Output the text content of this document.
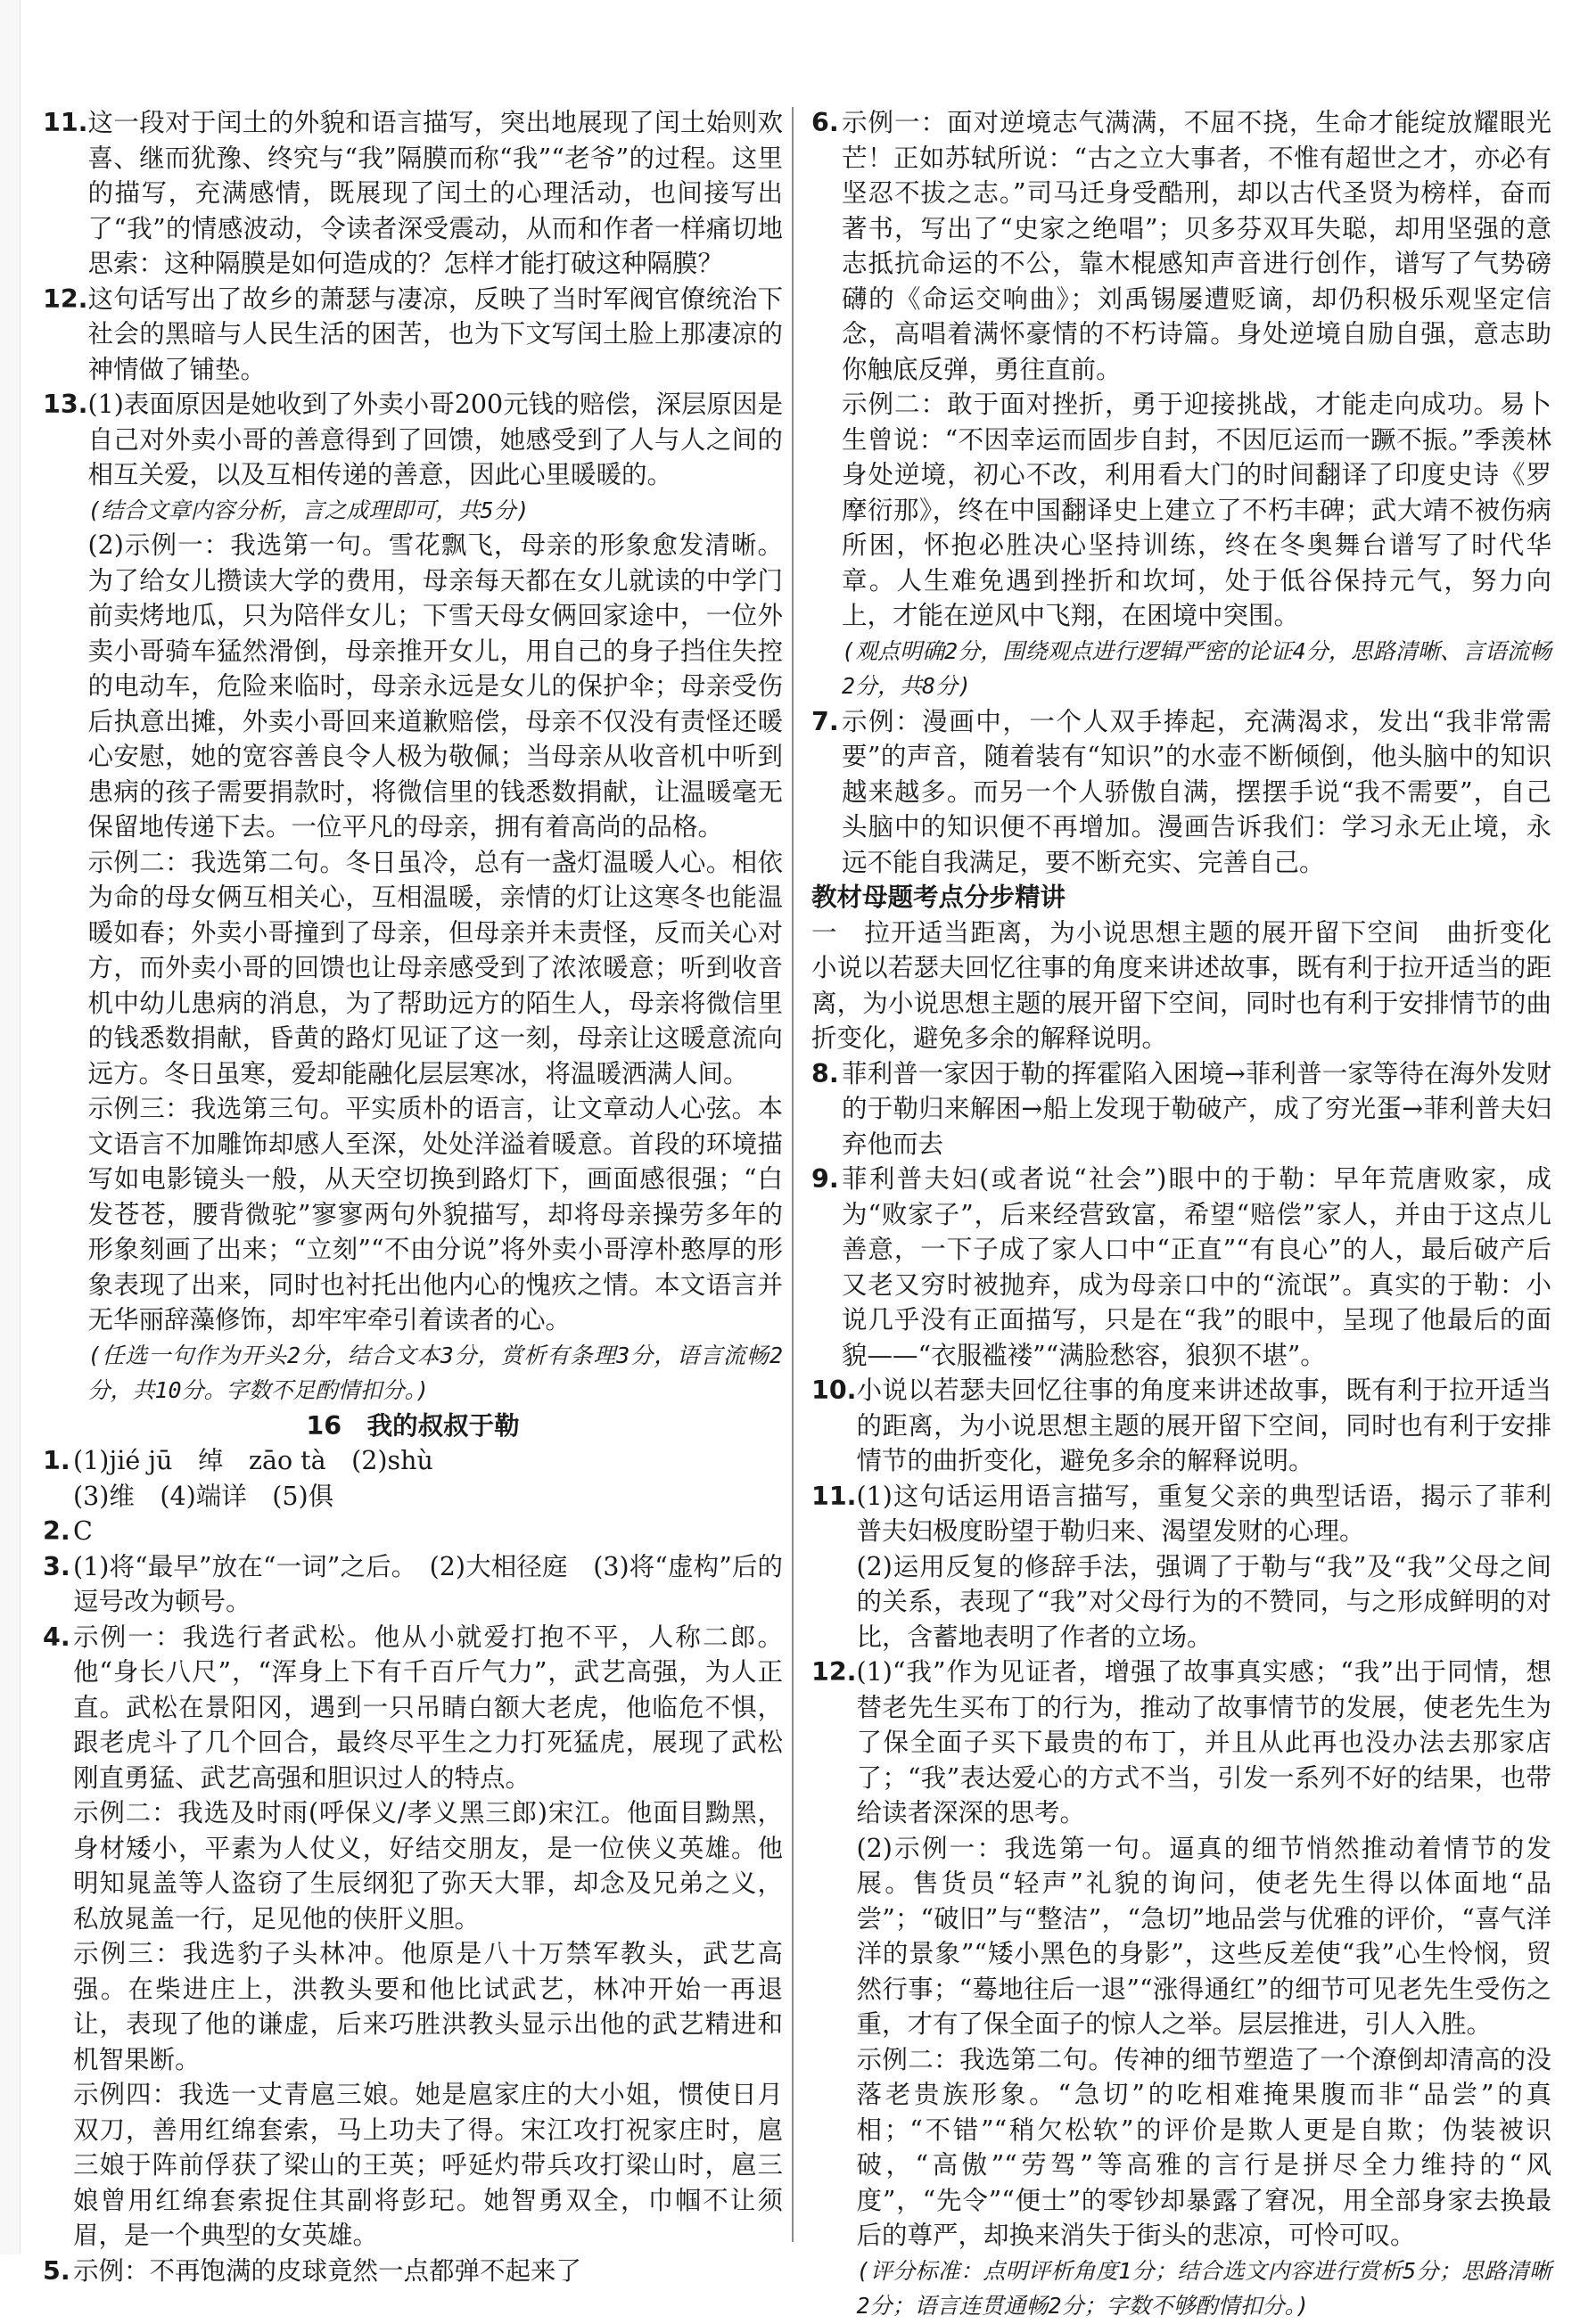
11. 这一段对于闰土的外貌和语言描写，突出地展现了闰土始则欢喜、继而犹豫、终究与“我”隔膜而称“我”“老爷”的过程。这里的描写，充满感情，既展现了闰土的心理活动，也间接写出了“我”的情感波动，令读者深受震动，从而和作者一样痛切地思索：这种隔膜是如何造成的？怎样才能打破这种隔膜？
12. 这句话写出了故乡的萧瑟与凄凉，反映了当时军阀官僚统治下社会的黑暗与人民生活的困苦，也为下文写闰土脸上那凄凉的神情做了铺垫。
13. (1)表面原因是她收到了外卖小哥200元钱的赔偿，深层原因是自己对外卖小哥的善意得到了回馈，她感受到了人与人之间的相互关爱，以及互相传递的善意，因此心里暖暖的。

(结合文章内容分析，言之成理即可，共5分)

(2)示例一：我选第一句。雪花飘飞，母亲的形象愈发清晰。为了给女儿攒读大学的费用，母亲每天都在女儿就读的中学门前卖烤地瓜，只为陪伴女儿；下雪天母女俩回家途中，一位外卖小哥骑车猛然滑倒，母亲推开女儿，用自己的身子挡住失控的电动车，危险来临时，母亲永远是女儿的保护伞；母亲受伤后执意出摊，外卖小哥回来道歉赔偿，母亲不仅没有责怪还暖心安慰，她的宽容善良令人极为敬佩；当母亲从收音机中听到患病的孩子需要捐款时，将微信里的钱悉数捐献，让温暖毫无保留地传递下去。一位平凡的母亲，拥有着高尚的品格。

示例二：我选第二句。冬日虽冷，总有一盏灯温暖人心。相依为命的母女俩互相关心，互相温暖，亲情的灯让这寒冬也能温暖如春；外卖小哥撞到了母亲，但母亲并未责怪，反而关心对方，而外卖小哥的回馈也让母亲感受到了浓浓暖意；听到收音机中幼儿患病的消息，为了帮助远方的陌生人，母亲将微信里的钱悉数捐献，昏黄的路灯见证了这一刻，母亲让这暖意流向远方。冬日虽寒，爱却能融化层层寒冰，将温暖洒满人间。

示例三：我选第三句。平实质朴的语言，让文章动人心弦。本文语言不加雕饰却感人至深，处处洋溢着暖意。首段的环境描写如电影镜头一般，从天空切换到路灯下，画面感很强；“白发苍苍，腰背微驼”寥寥两句外貌描写，却将母亲操劳多年的形象刻画了出来；“立刻”“不由分说”将外卖小哥淳朴憨厚的形象表现了出来，同时也衬托出他内心的愧疚之情。本文语言并无华丽辞藻修饰，却牢牢牵引着读者的心。

(任选一句作为开头2分，结合文本3分，赏析有条理3分，语言流畅2分，共10分。字数不足酌情扣分。)

16　我的叔叔于勒
1. (1)jié jū　绰　zāo tà　(2)shù

(3)维　(4)端详　(5)俱

2. C
3. (1)将“最早”放在“一词”之后。　(2)大相径庭　(3)将“虚构”后的逗号改为顿号。
4. 示例一：我选行者武松。他从小就爱打抱不平，人称二郎。他“身长八尺”，“浑身上下有千百斤气力”，武艺高强，为人正直。武松在景阳冈，遇到一只吊睛白额大老虎，他临危不惧，跟老虎斗了几个回合，最终尽平生之力打死猛虎，展现了武松刚直勇猛、武艺高强和胆识过人的特点。

示例二：我选及时雨(呼保义/孝义黑三郎)宋江。他面目黝黑，身材矮小，平素为人仗义，好结交朋友，是一位侠义英雄。他明知晁盖等人盗窃了生辰纲犯了弥天大罪，却念及兄弟之义，私放晁盖一行，足见他的侠肝义胆。

示例三：我选豹子头林冲。他原是八十万禁军教头，武艺高强。在柴进庄上，洪教头要和他比试武艺，林冲开始一再退让，表现了他的谦虚，后来巧胜洪教头显示出他的武艺精进和机智果断。

示例四：我选一丈青扈三娘。她是扈家庄的大小姐，惯使日月双刀，善用红绵套索，马上功夫了得。宋江攻打祝家庄时，扈三娘于阵前俘获了梁山的王英；呼延灼带兵攻打梁山时，扈三娘曾用红绵套索捉住其副将彭玘。她智勇双全，巾帼不让须眉，是一个典型的女英雄。

5. 示例：不再饱满的皮球竟然一点都弹不起来了
6. 示例一：面对逆境志气满满，不屈不挠，生命才能绽放耀眼光芒！正如苏轼所说：“古之立大事者，不惟有超世之才，亦必有坚忍不拔之志。”司马迁身受酷刑，却以古代圣贤为榜样，奋而著书，写出了“史家之绝唱”；贝多芬双耳失聪，却用坚强的意志抵抗命运的不公，靠木棍感知声音进行创作，谱写了气势磅礴的《命运交响曲》；刘禹锡屡遭贬谪，却仍积极乐观坚定信念，高唱着满怀豪情的不朽诗篇。身处逆境自励自强，意志助你触底反弹，勇往直前。

示例二：敢于面对挫折，勇于迎接挑战，才能走向成功。易卜生曾说：“不因幸运而固步自封，不因厄运而一蹶不振。”季羡林身处逆境，初心不改，利用看大门的时间翻译了印度史诗《罗摩衍那》，终在中国翻译史上建立了不朽丰碑；武大靖不被伤病所困，怀抱必胜决心坚持训练，终在冬奥舞台谱写了时代华章。人生难免遇到挫折和坎坷，处于低谷保持元气，努力向上，才能在逆风中飞翔，在困境中突围。

(观点明确2分，围绕观点进行逻辑严密的论证4分，思路清晰、言语流畅2分，共8分)

7. 示例：漫画中，一个人双手捧起，充满渴求，发出“我非常需要”的声音，随着装有“知识”的水壶不断倾倒，他头脑中的知识越来越多。而另一个人骄傲自满，摆摆手说“我不需要”，自己头脑中的知识便不再增加。漫画告诉我们：学习永无止境，永远不能自我满足，要不断充实、完善自己。
教材母题考点分步精讲

一　拉开适当距离，为小说思想主题的展开留下空间　曲折变化　小说以若瑟夫回忆往事的角度来讲述故事，既有利于拉开适当的距离，为小说思想主题的展开留下空间，同时也有利于安排情节的曲折变化，避免多余的解释说明。

8. 菲利普一家因于勒的挥霍陷入困境→菲利普一家等待在海外发财的于勒归来解困→船上发现于勒破产，成了穷光蛋→菲利普夫妇弃他而去
9. 菲利普夫妇(或者说“社会”)眼中的于勒：早年荒唐败家，成为“败家子”，后来经营致富，希望“赔偿”家人，并由于这点儿善意，一下子成了家人口中“正直”“有良心”的人，最后破产后又老又穷时被抛弃，成为母亲口中的“流氓”。真实的于勒：小说几乎没有正面描写，只是在“我”的眼中，呈现了他最后的面貌——“衣服褴褛”“满脸愁容，狼狈不堪”。
10. 小说以若瑟夫回忆往事的角度来讲述故事，既有利于拉开适当的距离，为小说思想主题的展开留下空间，同时也有利于安排情节的曲折变化，避免多余的解释说明。
11. (1)这句话运用语言描写，重复父亲的典型话语，揭示了菲利普夫妇极度盼望于勒归来、渴望发财的心理。

(2)运用反复的修辞手法，强调了于勒与“我”及“我”父母之间的关系，表现了“我”对父母行为的不赞同，与之形成鲜明的对比，含蓄地表明了作者的立场。

12. (1)“我”作为见证者，增强了故事真实感；“我”出于同情，想替老先生买布丁的行为，推动了故事情节的发展，使老先生为了保全面子买下最贵的布丁，并且从此再也没办法去那家店了；“我”表达爱心的方式不当，引发一系列不好的结果，也带给读者深深的思考。

(2)示例一：我选第一句。逼真的细节悄然推动着情节的发展。售货员“轻声”礼貌的询问，使老先生得以体面地“品尝”；“破旧”与“整洁”，“急切”地品尝与优雅的评价，“喜气洋洋的景象”“矮小黑色的身影”，这些反差使“我”心生怜悯，贸然行事；“蓦地往后一退”“涨得通红”的细节可见老先生受伤之重，才有了保全面子的惊人之举。层层推进，引人入胜。

示例二：我选第二句。传神的细节塑造了一个潦倒却清高的没落老贵族形象。“急切”的吃相难掩果腹而非“品尝”的真相；“不错”“稍欠松软”的评价是欺人更是自欺；伪装被识破，“高傲”“劳驾”等高雅的言行是拼尽全力维持的“风度”，“先令”“便士”的零钞却暴露了窘况，用全部身家去换最后的尊严，却换来消失于街头的悲凉，可怜可叹。

(评分标准：点明评析角度1分；结合选文内容进行赏析5分；思路清晰2分；语言连贯通畅2分；字数不够酌情扣分。)
